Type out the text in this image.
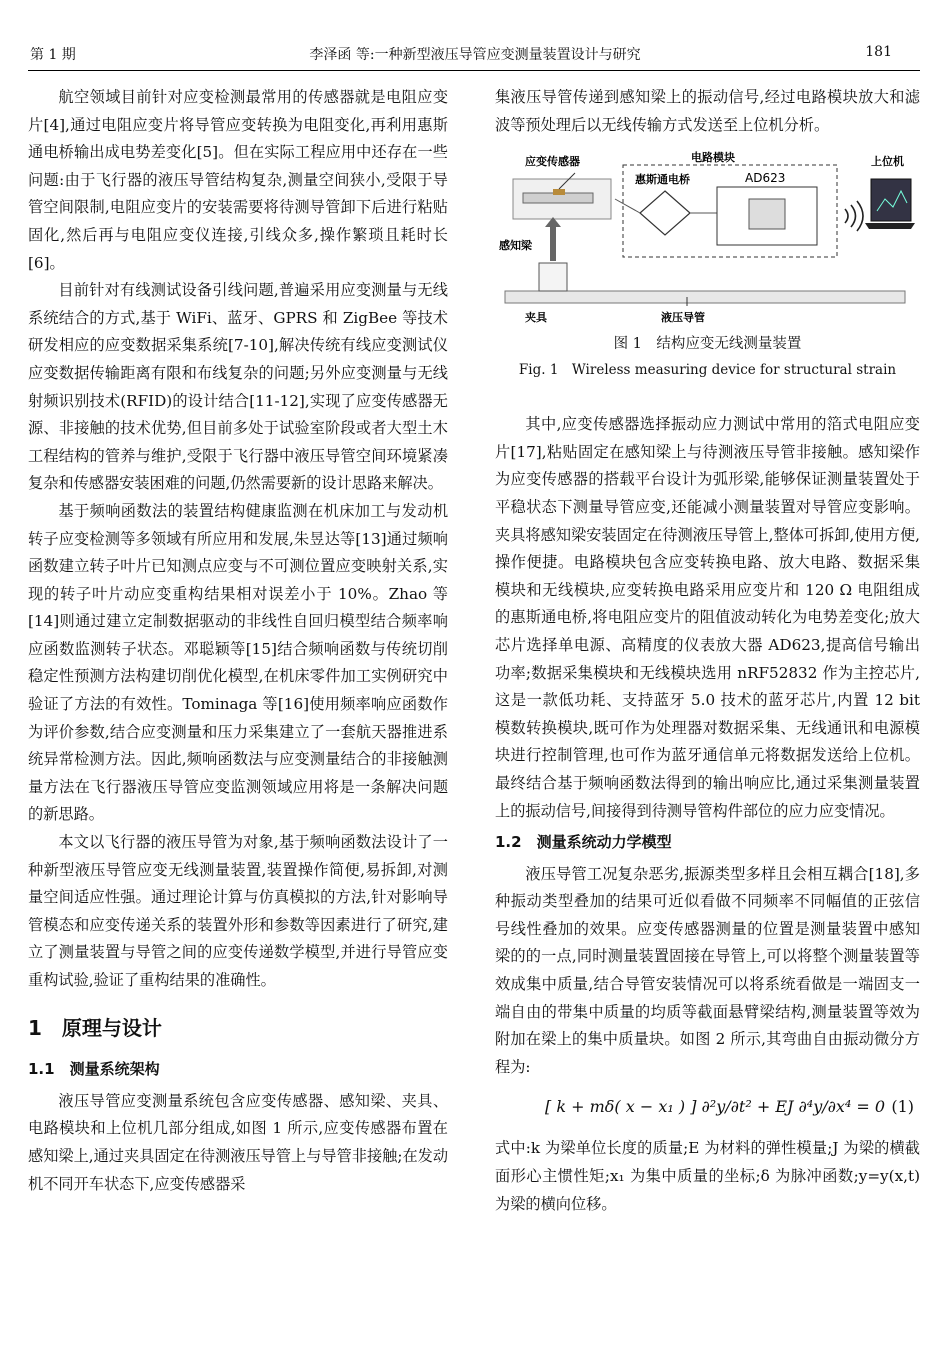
第 1 期	李泽函 等:一种新型液压导管应变测量装置设计与研究	181

航空领域目前针对应变检测最常用的传感器就是电阻应变片[4],通过电阻应变片将导管应变转换为电阻变化,再利用惠斯通电桥输出成电势差变化[5]。但在实际工程应用中还存在一些问题:由于飞行器的液压导管结构复杂,测量空间狭小,受限于导管空间限制,电阻应变片的安装需要将待测导管卸下后进行粘贴固化,然后再与电阻应变仪连接,引线众多,操作繁琐且耗时长[6]。

目前针对有线测试设备引线问题,普遍采用应变测量与无线系统结合的方式,基于 WiFi、蓝牙、GPRS 和 ZigBee 等技术研发相应的应变数据采集系统[7-10],解决传统有线应变测试仪应变数据传输距离有限和布线复杂的问题;另外应变测量与无线射频识别技术(RFID)的设计结合[11-12],实现了应变传感器无源、非接触的技术优势,但目前多处于试验室阶段或者大型土木工程结构的管养与维护,受限于飞行器中液压导管空间环境紧凑复杂和传感器安装困难的问题,仍然需要新的设计思路来解决。

基于频响函数法的装置结构健康监测在机床加工与发动机转子应变检测等多领域有所应用和发展,朱昱达等[13]通过频响函数建立转子叶片已知测点应变与不可测位置应变映射关系,实现的转子叶片动应变重构结果相对误差小于 10%。Zhao 等[14]则通过建立定制数据驱动的非线性自回归模型结合频率响应函数监测转子状态。邓聪颖等[15]结合频响函数与传统切削稳定性预测方法构建切削优化模型,在机床零件加工实例研究中验证了方法的有效性。Tominaga 等[16]使用频率响应函数作为评价参数,结合应变测量和压力采集建立了一套航天器推进系统异常检测方法。因此,频响函数法与应变测量结合的非接触测量方法在飞行器液压导管应变监测领域应用将是一条解决问题的新思路。

本文以飞行器的液压导管为对象,基于频响函数法设计了一种新型液压导管应变无线测量装置,装置操作简便,易拆卸,对测量空间适应性强。通过理论计算与仿真模拟的方法,针对影响导管模态和应变传递关系的装置外形和参数等因素进行了研究,建立了测量装置与导管之间的应变传递数学模型,并进行导管应变重构试验,验证了重构结果的准确性。

1　原理与设计
1.1　测量系统架构

液压导管应变测量系统包含应变传感器、感知梁、夹具、电路模块和上位机几部分组成,如图 1 所示,应变传感器布置在感知梁上,通过夹具固定在待测液压导管上与导管非接触;在发动机不同开车状态下,应变传感器采

集液压导管传递到感知梁上的振动信号,经过电路模块放大和滤波等预处理后以无线传输方式发送至上位机分析。

应变传感器	电路模块	上位机
惠斯通电桥	AD623
感知梁
夹具	液压导管
图 1　结构应变无线测量装置
Fig. 1　Wireless measuring device for structural strain

其中,应变传感器选择振动应力测试中常用的箔式电阻应变片[17],粘贴固定在感知梁上与待测液压导管非接触。感知梁作为应变传感器的搭载平台设计为弧形梁,能够保证测量装置处于平稳状态下测量导管应变,还能减小测量装置对导管应变影响。夹具将感知梁安装固定在待测液压导管上,整体可拆卸,使用方便,操作便捷。电路模块包含应变转换电路、放大电路、数据采集模块和无线模块,应变转换电路采用应变片和 120 Ω 电阻组成的惠斯通电桥,将电阻应变片的阻值波动转化为电势差变化;放大芯片选择单电源、高精度的仪表放大器 AD623,提高信号输出功率;数据采集模块和无线模块选用 nRF52832 作为主控芯片,这是一款低功耗、支持蓝牙 5.0 技术的蓝牙芯片,内置 12 bit 模数转换模块,既可作为处理器对数据采集、无线通讯和电源模块进行控制管理,也可作为蓝牙通信单元将数据发送给上位机。最终结合基于频响函数法得到的输出响应比,通过采集测量装置上的振动信号,间接得到待测导管构件部位的应力应变情况。

1.2　测量系统动力学模型

液压导管工况复杂恶劣,振源类型多样且会相互耦合[18],多种振动类型叠加的结果可近似看做不同频率不同幅值的正弦信号线性叠加的效果。应变传感器测量的位置是测量装置中感知梁的的一点,同时测量装置固接在导管上,可以将整个测量装置等效成集中质量,结合导管安装情况可以将系统看做是一端固支一端自由的带集中质量的均质等截面悬臂梁结构,测量装置等效为附加在梁上的集中质量块。如图 2 所示,其弯曲自由振动微分方程为:

[ k + mδ( x − x₁ ) ] ∂²y/∂t² + EJ ∂⁴y/∂x⁴ = 0 (1)

式中:k 为梁单位长度的质量;E 为材料的弹性模量;J 为梁的横截面形心主惯性矩;x₁ 为集中质量的坐标;δ 为脉冲函数;y=y(x,t) 为梁的横向位移。
